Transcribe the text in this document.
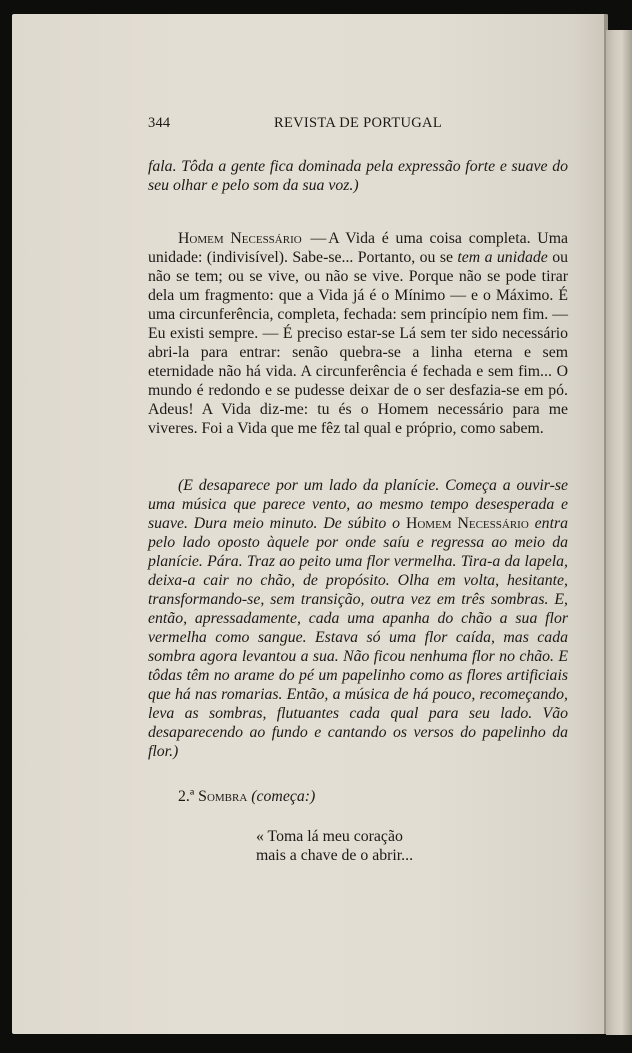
344	REVISTA DE PORTUGAL
fala. Tôda a gente fica dominada pela expressão forte e suave do seu olhar e pelo som da sua voz.)
Homem Necessário — A Vida é uma coisa completa. Uma unidade: (indivisível). Sabe-se... Portanto, ou se tem a unidade ou não se tem; ou se vive, ou não se vive. Porque não se pode tirar dela um fragmento: que a Vida já é o Mínimo — e o Máximo. É uma circunferência, completa, fechada: sem princípio nem fim. — Eu existi sempre. — É preciso estar-se Lá sem ter sido necessário abri-la para entrar: senão quebra-se a linha eterna e sem eternidade não há vida. A circunferência é fechada e sem fim... O mundo é redondo e se pudesse deixar de o ser desfazia-se em pó. Adeus! A Vida diz-me: tu és o Homem necessário para me viveres. Foi a Vida que me fêz tal qual e próprio, como sabem.
(E desaparece por um lado da planície. Começa a ouvir-se uma música que parece vento, ao mesmo tempo desesperada e suave. Dura meio minuto. De súbito o Homem Necessário entra pelo lado oposto àquele por onde saíu e regressa ao meio da planície. Pára. Traz ao peito uma flor vermelha. Tira-a da lapela, deixa-a cair no chão, de propósito. Olha em volta, hesitante, transformando-se, sem transição, outra vez em três sombras. E, então, apressadamente, cada uma apanha do chão a sua flor vermelha como sangue. Estava só uma flor caída, mas cada sombra agora levantou a sua. Não ficou nenhuma flor no chão. E tôdas têm no arame do pé um papelinho como as flores artificiais que há nas romarias. Então, a música de há pouco, recomeçando, leva as sombras, flutuantes cada qual para seu lado. Vão desaparecendo ao fundo e cantando os versos do papelinho da flor.)
2.ª Sombra (começa:)
« Toma lá meu coração
mais a chave de o abrir...
